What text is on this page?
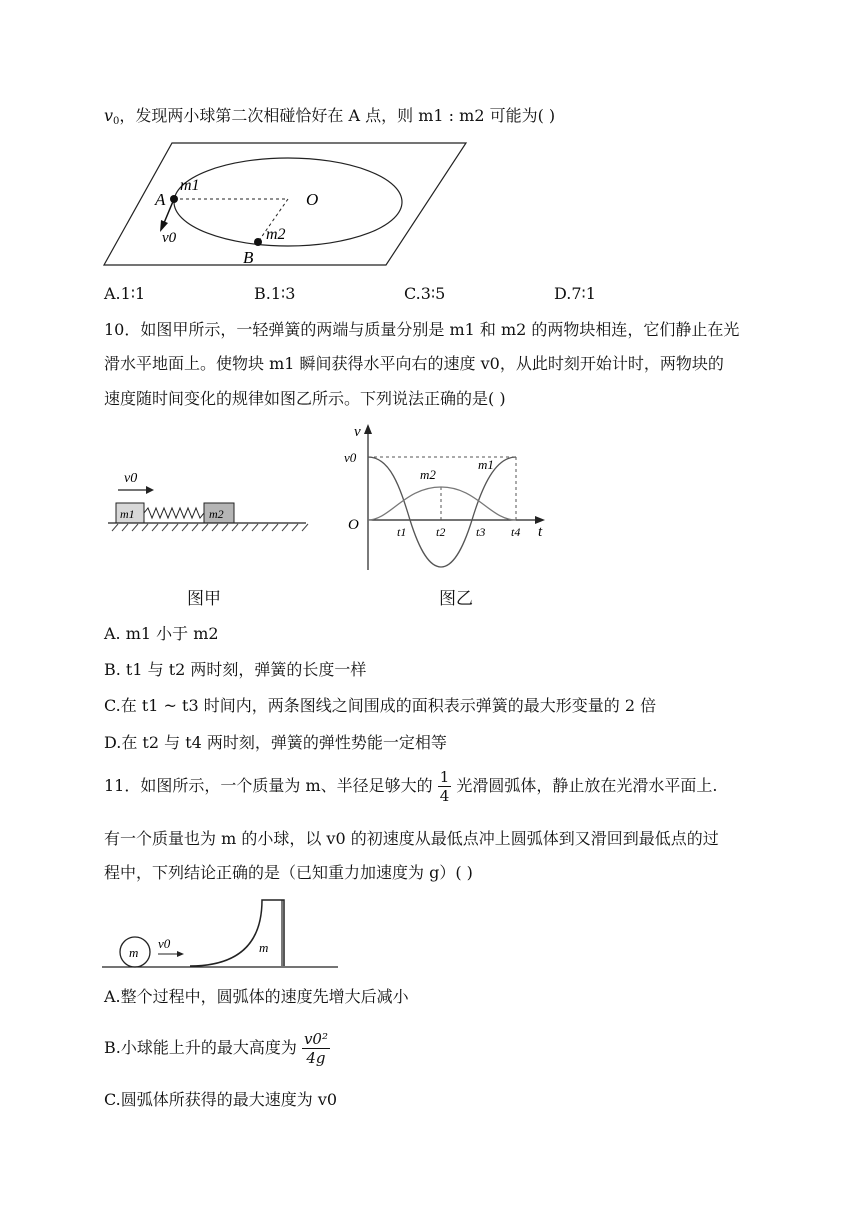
$v_0$，发现两小球第二次相碰恰好在 A 点，则 m1 : m2 可能为( )
A
m1
O
m2
v0
B
A.1∶1	B.1∶3	C.3∶5	D.7∶1
10．如图甲所示，一轻弹簧的两端与质量分别是 m1 和 m2 的两物块相连，它们静止在光
滑水平地面上。使物块 m1 瞬间获得水平向右的速度 v0，从此时刻开始计时，两物块的
速度随时间变化的规律如图乙所示。下列说法正确的是( )
v0
m1	m2
图甲
v
t
O
v0
m2
m1
t1 t2	t3 t4
图乙
A. m1 小于 m2
B. t1 与 t2 两时刻，弹簧的长度一样
C.在 t1 ~ t3 时间内，两条图线之间围成的面积表示弹簧的最大形变量的 2 倍
D.在 t2 与 t4 两时刻，弹簧的弹性势能一定相等
11．如图所示，一个质量为 m、半径足够大的 $\frac{1}{4}$ 光滑圆弧体，静止放在光滑水平面上.
有一个质量也为 m 的小球，以 v0 的初速度从最低点冲上圆弧体到又滑回到最低点的过
程中，下列结论正确的是（已知重力加速度为 g）( )
m
v0	m
A.整个过程中，圆弧体的速度先增大后减小
B.小球能上升的最大高度为 $\frac{\text{v0²}}{4g}$
C.圆弧体所获得的最大速度为 v0
